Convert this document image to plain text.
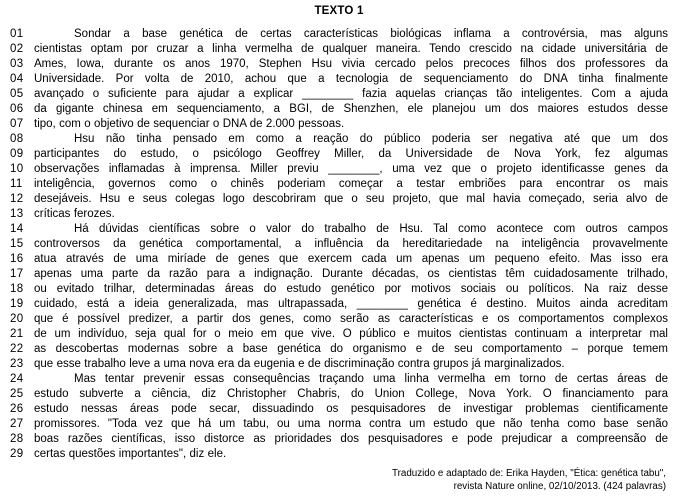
TEXTO 1
01	Sondar a base genética de certas características biológicas inflama a controvérsia, mas alguns
02 cientistas optam por cruzar a linha vermelha de qualquer maneira. Tendo crescido na cidade universitária de
03 Ames, Iowa, durante os anos 1970, Stephen Hsu vivia cercado pelos precoces filhos dos professores da
04 Universidade. Por volta de 2010, achou que a tecnologia de sequenciamento do DNA tinha finalmente
05 avançado o suficiente para ajudar a explicar ________ fazia aquelas crianças tão inteligentes. Com a ajuda
06 da gigante chinesa em sequenciamento, a BGI, de Shenzhen, ele planejou um dos maiores estudos desse
07 tipo, com o objetivo de sequenciar o DNA de 2.000 pessoas.
08	Hsu não tinha pensado em como a reação do público poderia ser negativa até que um dos
09 participantes do estudo, o psicólogo Geoffrey Miller, da Universidade de Nova York, fez algumas
10 observações inflamadas à imprensa. Miller previu ________, uma vez que o projeto identificasse genes da
11 inteligência, governos como o chinês poderiam começar a testar embriões para encontrar os mais
12 desejáveis. Hsu e seus colegas logo descobriram que o seu projeto, que mal havia começado, seria alvo de
13 críticas ferozes.
14	Há dúvidas científicas sobre o valor do trabalho de Hsu. Tal como acontece com outros campos
15 controversos da genética comportamental, a influência da hereditariedade na inteligência provavelmente
16 atua através de uma miríade de genes que exercem cada um apenas um pequeno efeito. Mas isso era
17 apenas uma parte da razão para a indignação. Durante décadas, os cientistas têm cuidadosamente trilhado,
18 ou evitado trilhar, determinadas áreas do estudo genético por motivos sociais ou políticos. Na raiz desse
19 cuidado, está a ideia generalizada, mas ultrapassada, ________ genética é destino. Muitos ainda acreditam
20 que é possível predizer, a partir dos genes, como serão as características e os comportamentos complexos
21 de um indivíduo, seja qual for o meio em que vive. O público e muitos cientistas continuam a interpretar mal
22 as descobertas modernas sobre a base genética do organismo e de seu comportamento – porque temem
23 que esse trabalho leve a uma nova era da eugenia e de discriminação contra grupos já marginalizados.
24	Mas tentar prevenir essas consequências traçando uma linha vermelha em torno de certas áreas de
25 estudo subverte a ciência, diz Christopher Chabris, do Union College, Nova York. O financiamento para
26 estudo nessas áreas pode secar, dissuadindo os pesquisadores de investigar problemas cientificamente
27 promissores. "Toda vez que há um tabu, ou uma norma contra um estudo que não tenha como base senão
28 boas razões científicas, isso distorce as prioridades dos pesquisadores e pode prejudicar a compreensão de
29 certas questões importantes", diz ele.
Traduzido e adaptado de: Erika Hayden, "Ética: genética tabu",
revista Nature online, 02/10/2013. (424 palavras)
